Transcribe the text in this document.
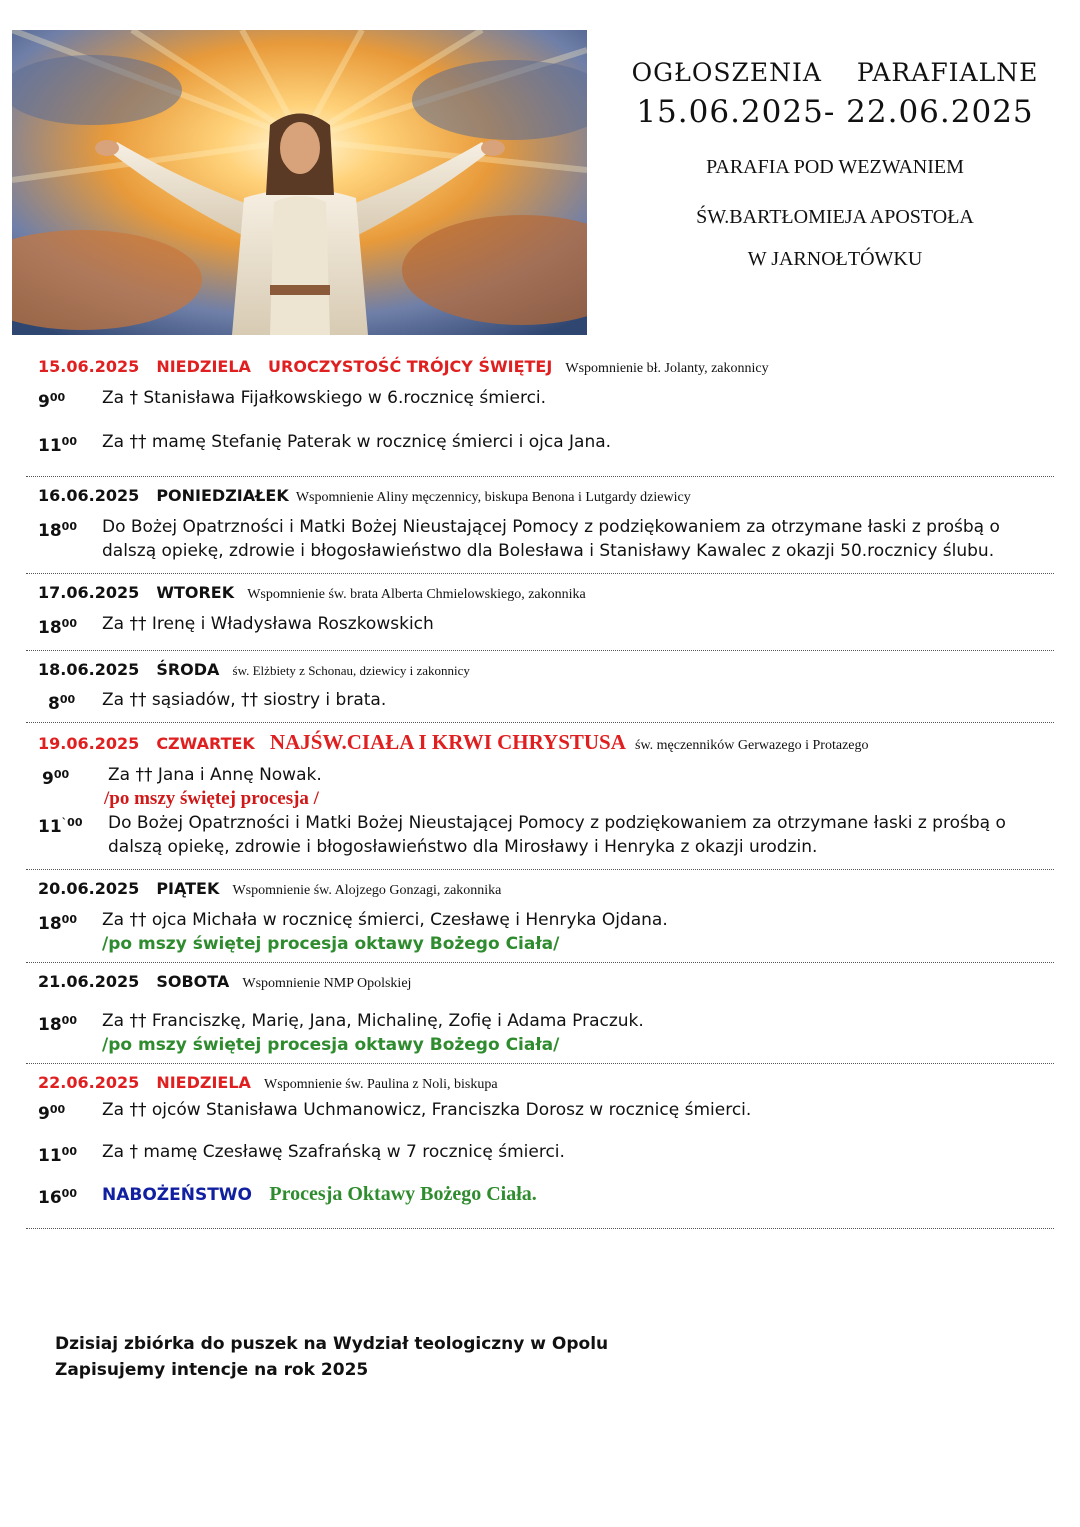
OGŁOSZENIA PARAFIALNE
15.06.2025- 22.06.2025
PARAFIA POD WEZWANIEM
ŚW.BARTŁOMIEJA APOSTOŁA
W JARNOŁTÓWKU
15.06.2025 NIEDZIELA UROCZYSTOŚĆ TRÓJCY ŚWIĘTEJ Wspomnienie bł. Jolanty, zakonnicy
$9^{00}$	Za † Stanisława Fijałkowskiego w 6.rocznicę śmierci.
$11^{00}$	Za †† mamę Stefanię Paterak w rocznicę śmierci i ojca Jana.
16.06.2025 PONIEDZIAŁEK Wspomnienie Aliny męczennicy, biskupa Benona i Lutgardy dziewicy
$18^{00}$	Do Bożej Opatrzności i Matki Bożej Nieustającej Pomocy z podziękowaniem za otrzymane łaski z prośbą o dalszą opiekę, zdrowie i błogosławieństwo dla Bolesława i Stanisławy Kawalec z okazji 50.rocznicy ślubu.
17.06.2025 WTOREK Wspomnienie św. brata Alberta Chmielowskiego, zakonnika
$18^{00}$	Za †† Irenę i Władysława Roszkowskich
18.06.2025 ŚRODA św. Elżbiety z Schonau, dziewicy i zakonnicy
$8^{00}$	Za †† sąsiadów, †† siostry i brata.
19.06.2025 CZWARTEK NAJŚW.CIAŁA I KRWI CHRYSTUSA św. męczenników Gerwazego i Protazego
$9^{00}$	Za †† Jana i Annę Nowak.
/po mszy świętej procesja /
$11^{`00}$	Do Bożej Opatrzności i Matki Bożej Nieustającej Pomocy z podziękowaniem za otrzymane łaski z prośbą o dalszą opiekę, zdrowie i błogosławieństwo dla Mirosławy i Henryka z okazji urodzin.
20.06.2025 PIĄTEK Wspomnienie św. Alojzego Gonzagi, zakonnika
$18^{00}$	Za †† ojca Michała w rocznicę śmierci, Czesławę i Henryka Ojdana.
/po mszy świętej procesja oktawy Bożego Ciała/
21.06.2025 SOBOTA Wspomnienie NMP Opolskiej
$18^{00}$	Za †† Franciszkę, Marię, Jana, Michalinę, Zofię i Adama Praczuk.
/po mszy świętej procesja oktawy Bożego Ciała/
22.06.2025 NIEDZIELA Wspomnienie św. Paulina z Noli, biskupa
$9^{00}$	Za †† ojców Stanisława Uchmanowicz, Franciszka Dorosz w rocznicę śmierci.
$11^{00}$	Za † mamę Czesławę Szafrańską w 7 rocznicę śmierci.
$16^{00}$	NABOŻEŃSTWO Procesja Oktawy Bożego Ciała.
Dzisiaj zbiórka do puszek na Wydział teologiczny w Opolu
Zapisujemy intencje na rok 2025
